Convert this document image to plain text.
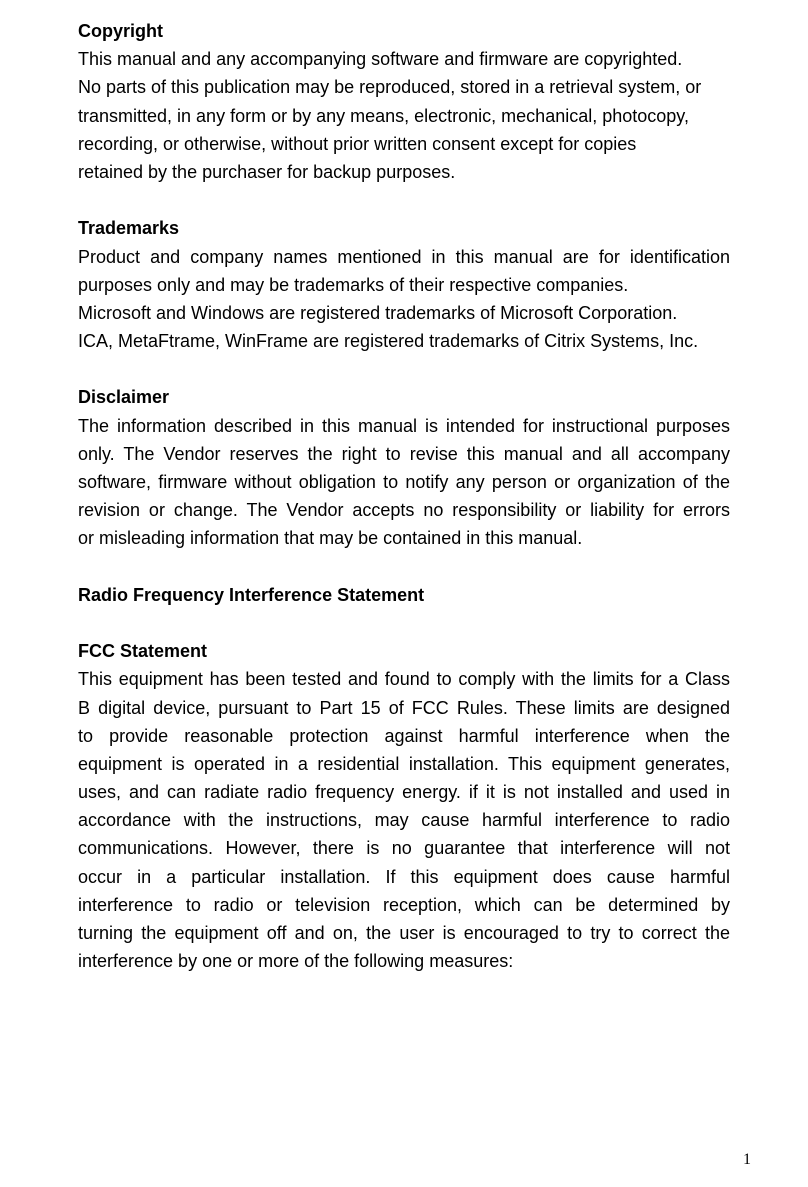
Copyright
This manual and any accompanying software and firmware are copyrighted.
No parts of this publication may be reproduced, stored in a retrieval system, or
transmitted, in any form or by any means, electronic, mechanical, photocopy,
recording, or otherwise, without prior written consent except for copies
retained by the purchaser for backup purposes.
Trademarks
Product and company names mentioned in this manual are for identification
purposes only and may be trademarks of their respective companies.
Microsoft and Windows are registered trademarks of Microsoft Corporation.
ICA, MetaFtrame, WinFrame are registered trademarks of Citrix Systems, Inc.
Disclaimer
The information described in this manual is intended for instructional purposes
only. The Vendor reserves the right to revise this manual and all accompany
software, firmware without obligation to notify any person or organization of the
revision or change. The Vendor accepts no responsibility or liability for errors
or misleading information that may be contained in this manual.
Radio Frequency Interference Statement
FCC Statement
This equipment has been tested and found to comply with the limits for a Class
B digital device, pursuant to Part 15 of FCC Rules. These limits are designed
to provide reasonable protection against harmful interference when the
equipment is operated in a residential installation. This equipment generates,
uses, and can radiate radio frequency energy. if it is not installed and used in
accordance with the instructions, may cause harmful interference to radio
communications. However, there is no guarantee that interference will not
occur in a particular installation. If this equipment does cause harmful
interference to radio or television reception, which can be determined by
turning the equipment off and on, the user is encouraged to try to correct the
interference by one or more of the following measures:
1
